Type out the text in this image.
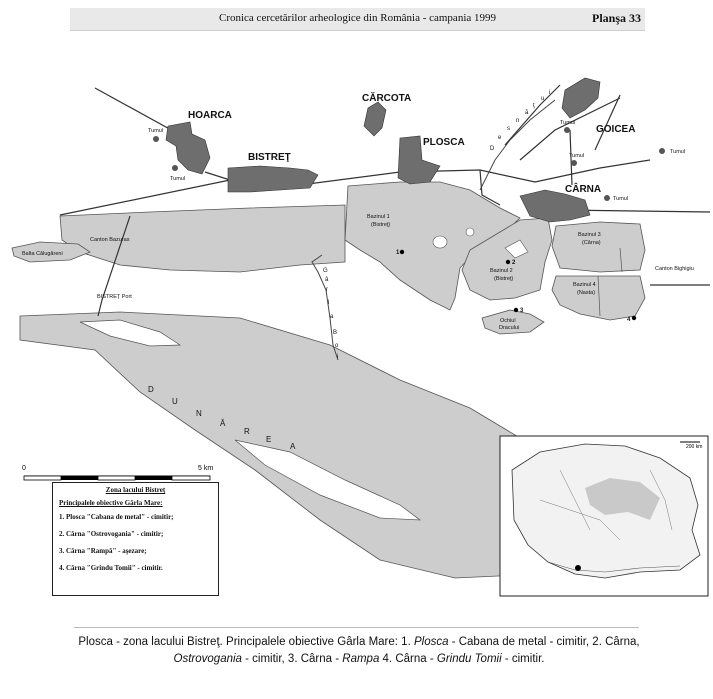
Cronica cercetărilor arheologice din România - campania 1999	Planşa 33
HOARCA
CĂRCOTA
BISTREŢ
PLOSCA
GOICEA
CÂRNA
Tumul
Tumul
Tumul
Tumul
Tumul
Tumul
Balta Călugăreni
Canton Bazuras
BISTREŢ Port
Bazinul 1
(Bistreţ)
Bazinul 2
(Bistreţ)
Bazinul 3
(Cârna)
Bazinul 4
(Nasta)
Ochiul
Dracului
Canton Bighigiu
1
2
3
4
D
U
N
Ă
R
E
A
G
â
r
l
a
B
o
i
D
e
s
n
ă
ţ
u
i
0	5 km
200 km
Zona lacului Bistreţ
Principalele obiective Gârla Mare:
1. Plosca "Cabana de metal" - cimitir;
2. Cârna "Ostrovogania" - cimitir;
3. Cârna "Rampă" - aşezare;
4. Cârna "Grindu Tomii" - cimitir.
Plosca - zona lacului Bistreţ. Principalele obiective Gârla Mare: 1. Plosca - Cabana de metal - cimitir, 2. Cârna, Ostrovogania - cimitir, 3. Cârna - Rampa 4. Cârna - Grindu Tomii - cimitir.
